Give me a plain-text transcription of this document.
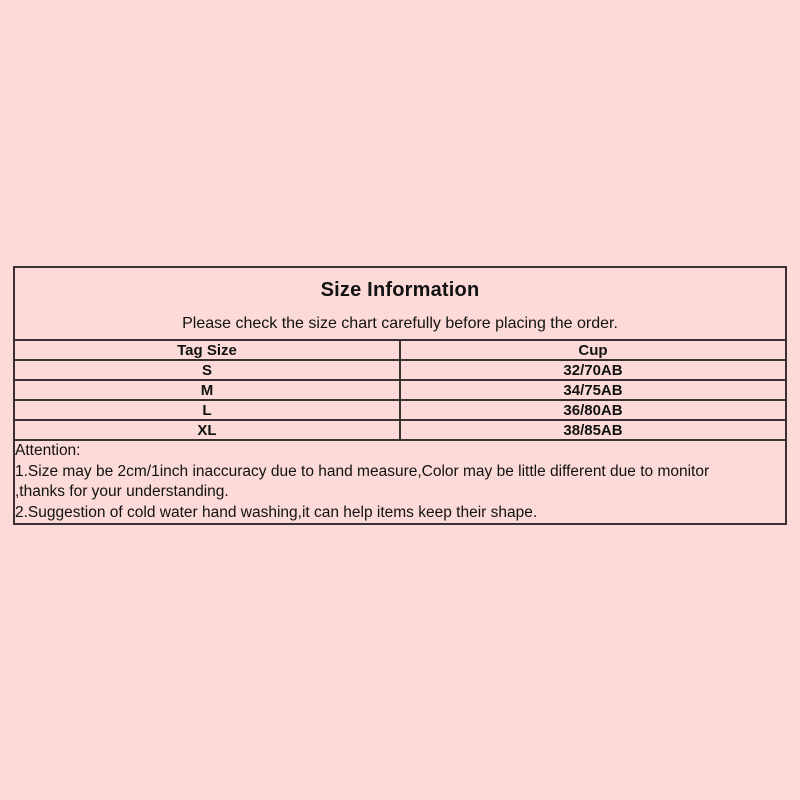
Size Information
Please check the size chart carefully before placing the order.	

Tag Size	Cup
S	32/70AB
M	34/75AB
L	36/80AB
XL	38/85AB

Attention:
1.Size may be 2cm/1inch inaccuracy due to hand measure,Color may be little different due to monitor
,thanks for your understanding.
2.Suggestion of cold water hand washing,it can help items keep their shape.	
